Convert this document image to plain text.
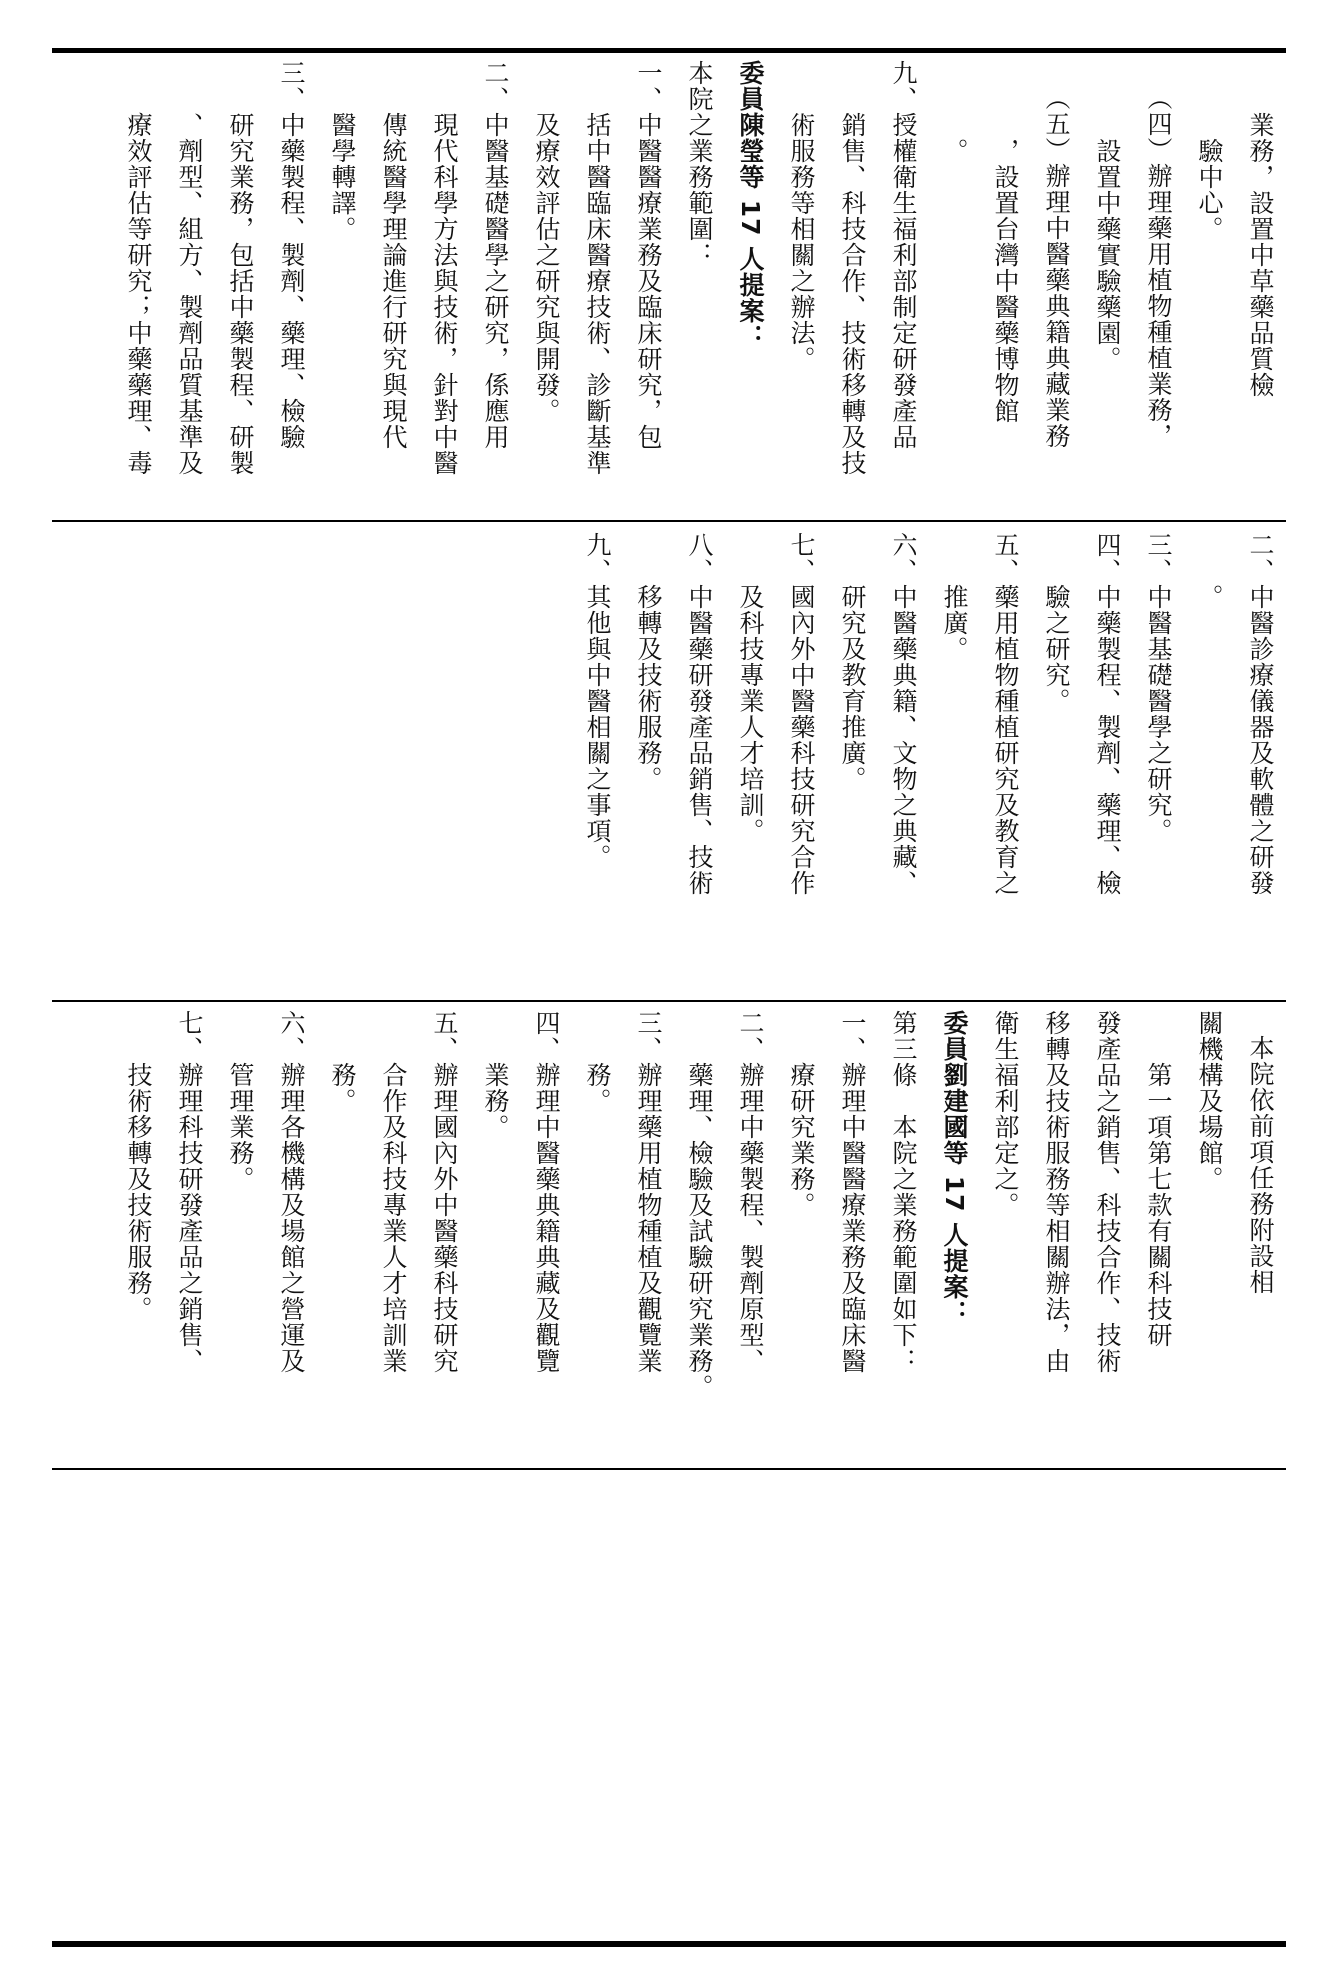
業務，設置中草藥品質檢
驗中心。
（四）辦理藥用植物種植業務，
設置中藥實驗藥園。
（五）辦理中醫藥典籍典藏業務
，設置台灣中醫藥博物館
。
九、授權衛生福利部制定研發產品
銷售、科技合作、技術移轉及技
術服務等相關之辦法。
委員陳瑩等 17 人提案：
本院之業務範圍：
一、中醫醫療業務及臨床研究，包
括中醫臨床醫療技術、診斷基準
及療效評估之研究與開發。
二、中醫基礎醫學之研究，係應用
現代科學方法與技術，針對中醫
傳統醫學理論進行研究與現代
醫學轉譯。
三、中藥製程、製劑、藥理、檢驗
研究業務，包括中藥製程、研製
、劑型、組方、製劑品質基準及
療效評估等研究；中藥藥理、毒
二、中醫診療儀器及軟體之研發
。
三、中醫基礎醫學之研究。
四、中藥製程、製劑、藥理、檢
驗之研究。
五、藥用植物種植研究及教育之
推廣。
六、中醫藥典籍、文物之典藏、
研究及教育推廣。
七、國內外中醫藥科技研究合作
及科技專業人才培訓。
八、中醫藥研發產品銷售、技術
移轉及技術服務。
九、其他與中醫相關之事項。
本院依前項任務附設相
關機構及場館。
第一項第七款有關科技研
發產品之銷售、科技合作、技術
移轉及技術服務等相關辦法，由
衛生福利部定之。
委員劉建國等 17 人提案：
第三條　本院之業務範圍如下：
一、辦理中醫醫療業務及臨床醫
療研究業務。
二、辦理中藥製程、製劑原型、
藥理、檢驗及試驗研究業務。
三、辦理藥用植物種植及觀覽業
務。
四、辦理中醫藥典籍典藏及觀覽
業務。
五、辦理國內外中醫藥科技研究
合作及科技專業人才培訓業
務。
六、辦理各機構及場館之營運及
管理業務。
七、辦理科技研發產品之銷售、
技術移轉及技術服務。
